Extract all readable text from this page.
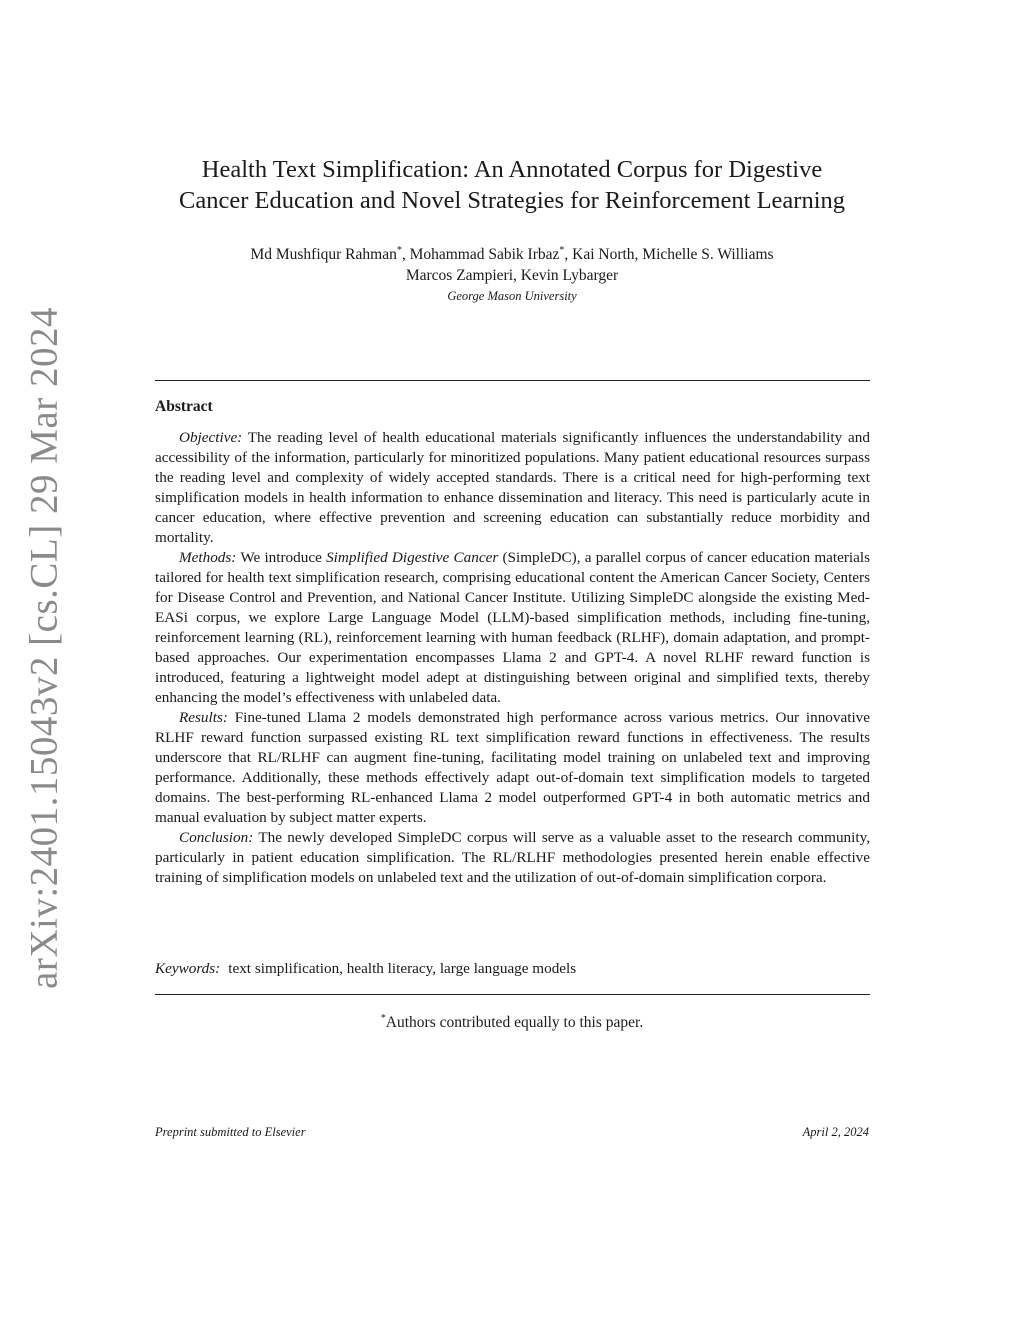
arXiv:2401.15043v2 [cs.CL] 29 Mar 2024
Health Text Simplification: An Annotated Corpus for Digestive
Cancer Education and Novel Strategies for Reinforcement Learning
Md Mushfiqur Rahman*, Mohammad Sabik Irbaz*, Kai North, Michelle S. Williams
Marcos Zampieri, Kevin Lybarger
George Mason University
Abstract

Objective: The reading level of health educational materials significantly influences the understandability and accessibility of the information, particularly for minoritized populations. Many patient educational resources surpass the reading level and complexity of widely accepted standards. There is a critical need for high-performing text simplification models in health information to enhance dissemination and literacy. This need is particularly acute in cancer education, where effective prevention and screening education can substantially reduce morbidity and mortality.

Methods: We introduce Simplified Digestive Cancer (SimpleDC), a parallel corpus of cancer education materials tailored for health text simplification research, comprising educational content the American Cancer Society, Centers for Disease Control and Prevention, and National Cancer Institute. Utilizing SimpleDC alongside the existing Med-EASi corpus, we explore Large Language Model (LLM)-based simplification methods, including fine-tuning, reinforcement learning (RL), reinforcement learning with human feedback (RLHF), domain adaptation, and prompt-based approaches. Our experimentation encompasses Llama 2 and GPT-4. A novel RLHF reward function is introduced, featuring a lightweight model adept at distinguishing between original and simplified texts, thereby enhancing the model’s effectiveness with unlabeled data.

Results: Fine-tuned Llama 2 models demonstrated high performance across various metrics. Our innovative RLHF reward function surpassed existing RL text simplification reward functions in effectiveness. The results underscore that RL/RLHF can augment fine-tuning, facilitating model training on unlabeled text and improving performance. Additionally, these methods effectively adapt out-of-domain text simplification models to targeted domains. The best-performing RL-enhanced Llama 2 model outperformed GPT-4 in both automatic metrics and manual evaluation by subject matter experts.

Conclusion: The newly developed SimpleDC corpus will serve as a valuable asset to the research community, particularly in patient education simplification. The RL/RLHF methodologies presented herein enable effective training of simplification models on unlabeled text and the utilization of out-of-domain simplification corpora.

Keywords: text simplification, health literacy, large language models
*Authors contributed equally to this paper.
Preprint submitted to Elsevier	April 2, 2024
